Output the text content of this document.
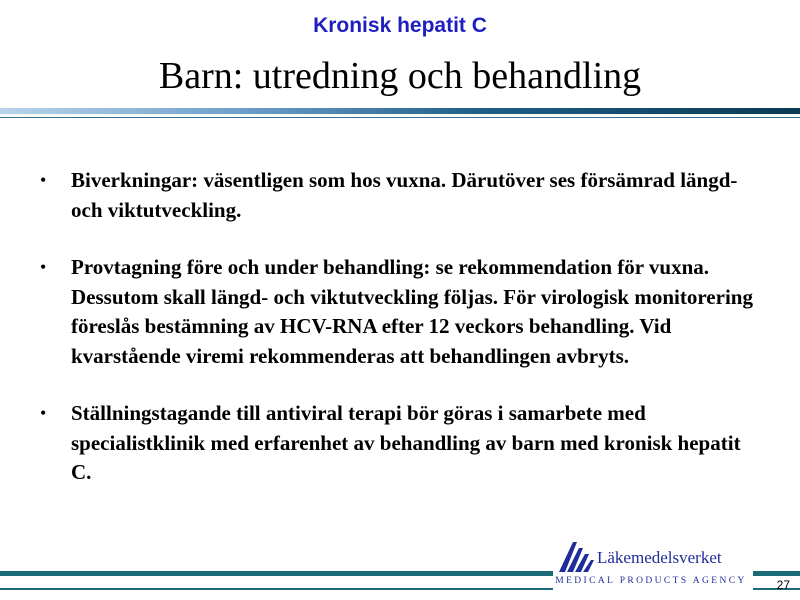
Kronisk hepatit C
Barn: utredning och behandling
• Biverkningar: väsentligen som hos vuxna. Därutöver ses försämrad längd- och viktutveckling.
• Provtagning före och under behandling: se rekommendation för vuxna. Dessutom skall längd- och viktutveckling följas. För virologisk monitorering föreslås bestämning av HCV-RNA efter 12 veckors behandling. Vid kvarstående viremi rekommenderas att behandlingen avbryts.
• Ställningstagande till antiviral terapi bör göras i samarbete med specialistklinik med erfarenhet av behandling av barn med kronisk hepatit C.
Läkemedelsverket
MEDICAL PRODUCTS AGENCY 27
